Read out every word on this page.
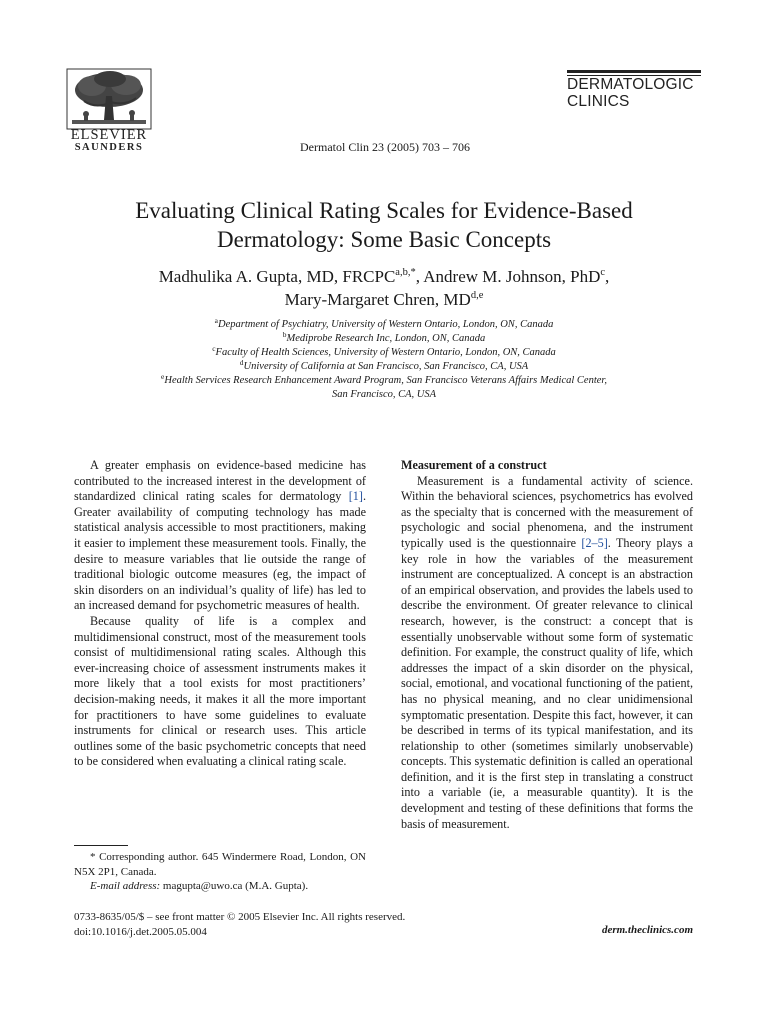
ELSEVIER
SAUNDERS	Dermatol Clin 23 (2005) 703 – 706
DERMATOLOGIC
CLINICS
Evaluating Clinical Rating Scales for Evidence-Based
Dermatology: Some Basic Concepts
Madhulika A. Gupta, MD, $FRCPC^{a,b,*}$, Andrew M. Johnson, PhD$^c$,
Mary-Margaret Chren, MD$^{d,e}$
$^a$Department of Psychiatry, University of Western Ontario, London, ON, Canada
$^b$Mediprobe Research Inc, London, ON, Canada
$^c$Faculty of Health Sciences, University of Western Ontario, London, ON, Canada
$^d$University of California at San Francisco, San Francisco, CA, USA
$^e$Health Services Research Enhancement Award Program, San Francisco Veterans Affairs Medical Center,
San Francisco, CA, USA

A greater emphasis on evidence-based medicine has contributed to the increased interest in the development of standardized clinical rating scales for dermatology [1]. Greater availability of computing technology has made statistical analysis accessible to most practitioners, making it easier to implement these measurement tools. Finally, the desire to measure variables that lie outside the range of traditional biologic outcome measures (eg, the impact of skin disorders on an individual’s quality of life) has led to an increased demand for psychometric measures of health.

Because quality of life is a complex and multidimensional construct, most of the measurement tools consist of multidimensional rating scales. Although this ever-increasing choice of assessment instruments makes it more likely that a tool exists for most practitioners’ decision-making needs, it makes it all the more important for practitioners to have some guidelines to evaluate instruments for clinical or research uses. This article outlines some of the basic psychometric concepts that need to be considered when evaluating a clinical rating scale.

Measurement of a construct

Measurement is a fundamental activity of science. Within the behavioral sciences, psychometrics has evolved as the specialty that is concerned with the measurement of psychologic and social phenomena, and the instrument typically used is the questionnaire [2–5]. Theory plays a key role in how the variables of the measurement instrument are conceptualized. A concept is an abstraction of an empirical observation, and provides the labels used to describe the environment. Of greater relevance to clinical research, however, is the construct: a concept that is essentially unobservable without some form of systematic definition. For example, the construct quality of life, which addresses the impact of a skin disorder on the physical, social, emotional, and vocational functioning of the patient, has no physical meaning, and no clear unidimensional symptomatic presentation. Despite this fact, however, it can be described in terms of its typical manifestation, and its relationship to other (sometimes similarly unobservable) concepts. This systematic definition is called an operational definition, and it is the first step in translating a construct into a variable (ie, a measurable quantity). It is the development and testing of these definitions that forms the basis of measurement.

* Corresponding author. 645 Windermere Road, London, ON N5X 2P1, Canada.

E-mail address: magupta@uwo.ca (M.A. Gupta).

0733-8635/05/$ – see front matter © 2005 Elsevier Inc. All rights reserved.
doi:10.1016/j.det.2005.05.004	derm.theclinics.com
